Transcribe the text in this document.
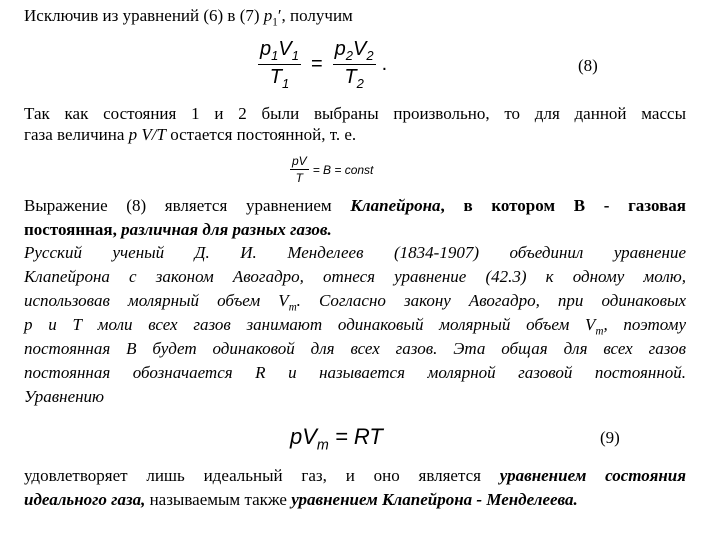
Исключив из уравнений (6) в (7) $p_1'$, получим
$\frac{p_1V_1}{T_1} = \frac{p_2V_2}{T_2}$ .	(8)
Так как состояния 1 и 2 были выбраны произвольно, то для данной массы
газа величина p V/T остается постоянной, т. е.
$\frac{pV}{T} = B$ = const
Выражение (8) является уравнением Клапейрона, в котором B - газовая
постоянная, различная для разных газов.
Русский ученый Д. И. Менделеев (1834-1907) объединил уравнение
Клапейрона с законом Авогадро, отнеся уравнение (42.3) к одному молю,
использовав молярный объем $V_m$. Согласно закону Авогадро, при одинаковых
р и Т моли всех газов занимают одинаковый молярный объем $V_m$, поэтому
постоянная B будет одинаковой для всех газов. Эта общая для всех газов
постоянная обозначается R и называется молярной газовой постоянной.
Уравнению
$pV_m$ = RT	(9)
удовлетворяет лишь идеальный газ, и оно является уравнением состояния
идеального газа, называемым также уравнением Клапейрона - Менделеева.
